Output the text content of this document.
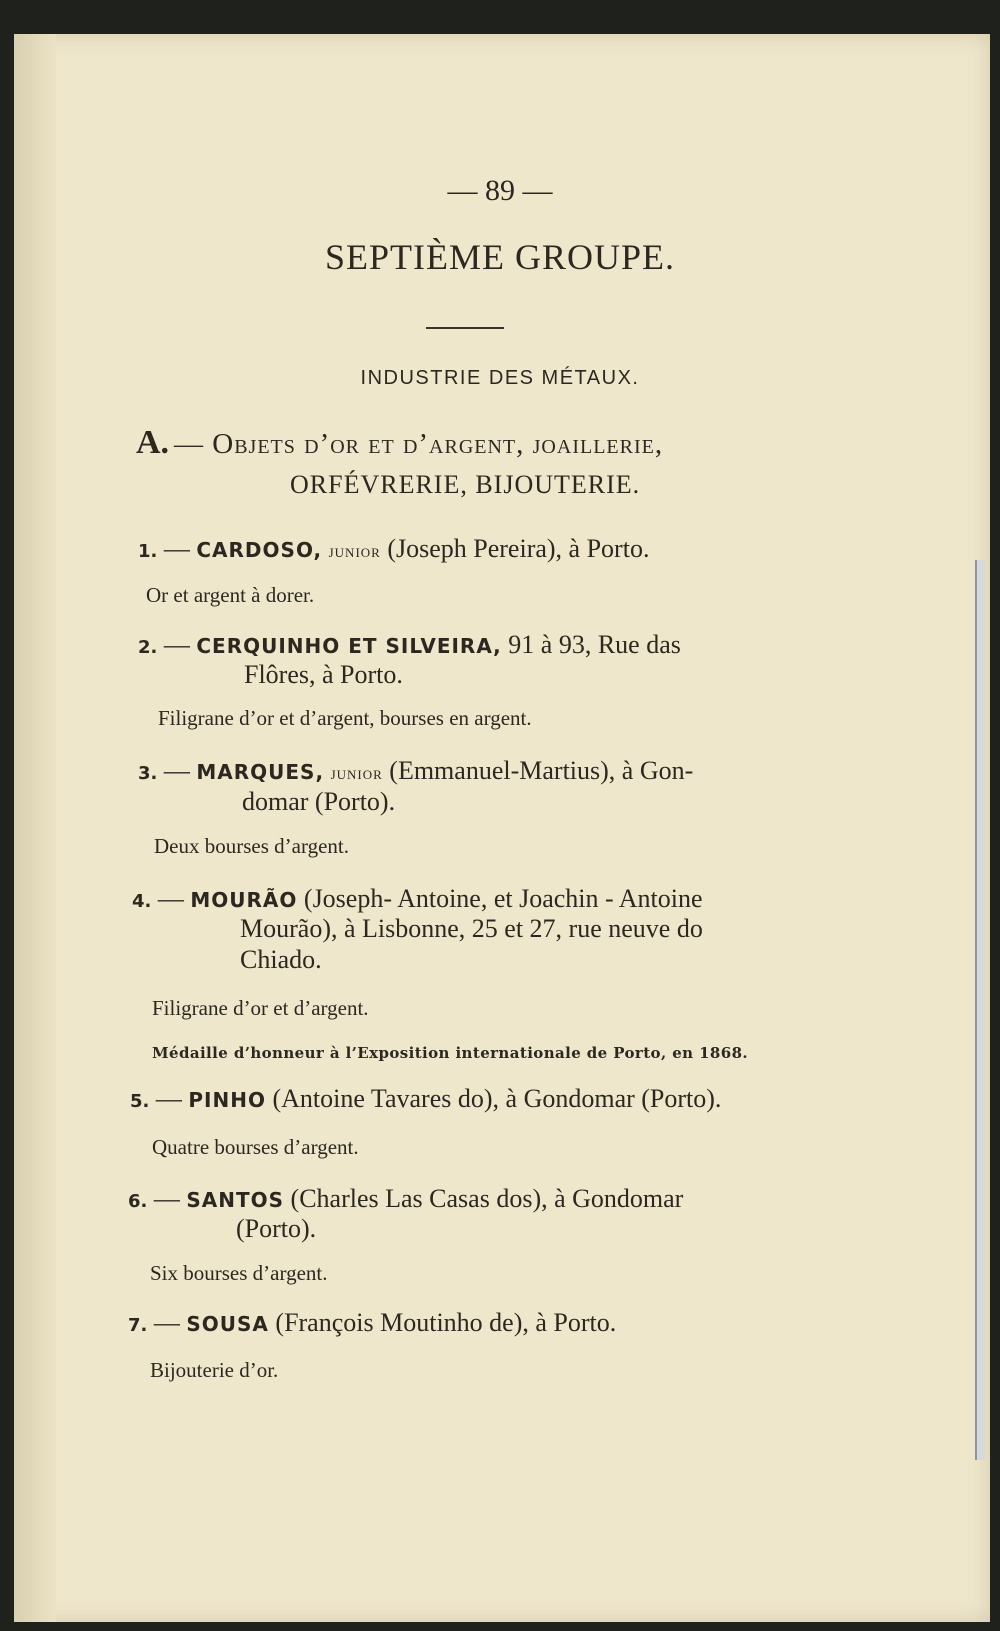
— 89 —

SEPTIÈME GROUPE.

INDUSTRIE DES MÉTAUX.

A. — Objets d’or et d’argent, joaillerie,
ORFÉVRERIE, BIJOUTERIE.

1. — CARDOSO, junior (Joseph Pereira), à Porto.

Or et argent à dorer.

2. — CERQUINHO ET SILVEIRA, 91 à 93, Rue das

Flôres, à Porto.

Filigrane d’or et d’argent, bourses en argent.

3. — MARQUES, junior (Emmanuel-Martius), à Gon-

domar (Porto).

Deux bourses d’argent.

4. — MOURÃO (Joseph- Antoine, et Joachin - Antoine

Mourão), à Lisbonne, 25 et 27, rue neuve do

Chiado.

Filigrane d’or et d’argent.

Médaille d’honneur à l’Exposition internationale de Porto, en 1868.

5. — PINHO (Antoine Tavares do), à Gondomar (Porto).

Quatre bourses d’argent.

6. — SANTOS (Charles Las Casas dos), à Gondomar

(Porto).

Six bourses d’argent.

7. — SOUSA (François Moutinho de), à Porto.

Bijouterie d’or.
